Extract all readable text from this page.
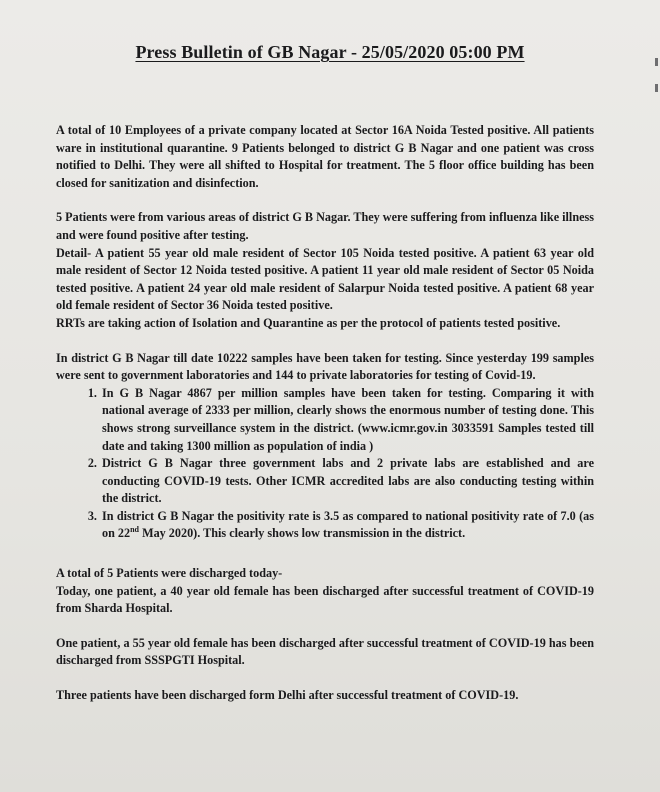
Press Bulletin of GB Nagar - 25/05/2020 05:00 PM

A total of 10 Employees of a private company located at Sector 16A Noida Tested positive. All patients ware in institutional quarantine. 9 Patients belonged to district G B Nagar and one patient was cross notified to Delhi. They were all shifted to Hospital for treatment. The 5 floor office building has been closed for sanitization and disinfection.

5 Patients were from various areas of district G B Nagar. They were suffering from influenza like illness and were found positive after testing.

Detail- A patient 55 year old male resident of Sector 105 Noida tested positive. A patient 63 year old male resident of Sector 12 Noida tested positive. A patient 11 year old male resident of Sector 05 Noida tested positive. A patient 24 year old male resident of Salarpur Noida tested positive. A patient 68 year old female resident of Sector 36 Noida tested positive.

RRTs are taking action of Isolation and Quarantine as per the protocol of patients tested positive.

In district G B Nagar till date 10222 samples have been taken for testing. Since yesterday 199 samples were sent to government laboratories and 144 to private laboratories for testing of Covid-19.

1. In G B Nagar 4867 per million samples have been taken for testing. Comparing it with national average of 2333 per million, clearly shows the enormous number of testing done. This shows strong surveillance system in the district. (www.icmr.gov.in 3033591 Samples tested till date and taking 1300 million as population of india )
2. District G B Nagar three government labs and 2 private labs are established and are conducting COVID-19 tests. Other ICMR accredited labs are also conducting testing within the district.
3. In district G B Nagar the positivity rate is 3.5 as compared to national positivity rate of 7.0 (as on 22nd May 2020). This clearly shows low transmission in the district.

A total of 5 Patients were discharged today-

Today, one patient, a 40 year old female has been discharged after successful treatment of COVID-19 from Sharda Hospital.

One patient, a 55 year old female has been discharged after successful treatment of COVID-19 has been discharged from SSSPGTI Hospital.

Three patients have been discharged form Delhi after successful treatment of COVID-19.
